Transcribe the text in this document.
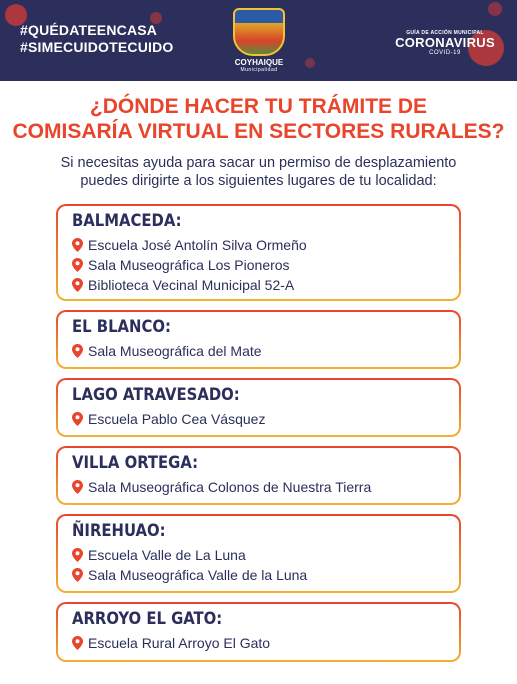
#QUÉDATEENCASA
#SIMECUIDOTECUIDO
COYHAIQUE
Municipalidad
GUÍA DE ACCIÓN MUNICIPAL
CORONAVIRUS
COVID-19
¿DÓNDE HACER TU TRÁMITE DE
COMISARÍA VIRTUAL EN SECTORES RURALES?
Si necesitas ayuda para sacar un permiso de desplazamiento
puedes dirigirte a los siguientes lugares de tu localidad:
BALMACEDA:
Escuela José Antolín Silva Ormeño
Sala Museográfica Los Pioneros
Biblioteca Vecinal Municipal 52-A
EL BLANCO:
Sala Museográfica del Mate
LAGO ATRAVESADO:
Escuela Pablo Cea Vásquez
VILLA ORTEGA:
Sala Museográfica Colonos de Nuestra Tierra
ÑIREHUAO:
Escuela Valle de La Luna
Sala Museográfica Valle de la Luna
ARROYO EL GATO:
Escuela Rural Arroyo El Gato
